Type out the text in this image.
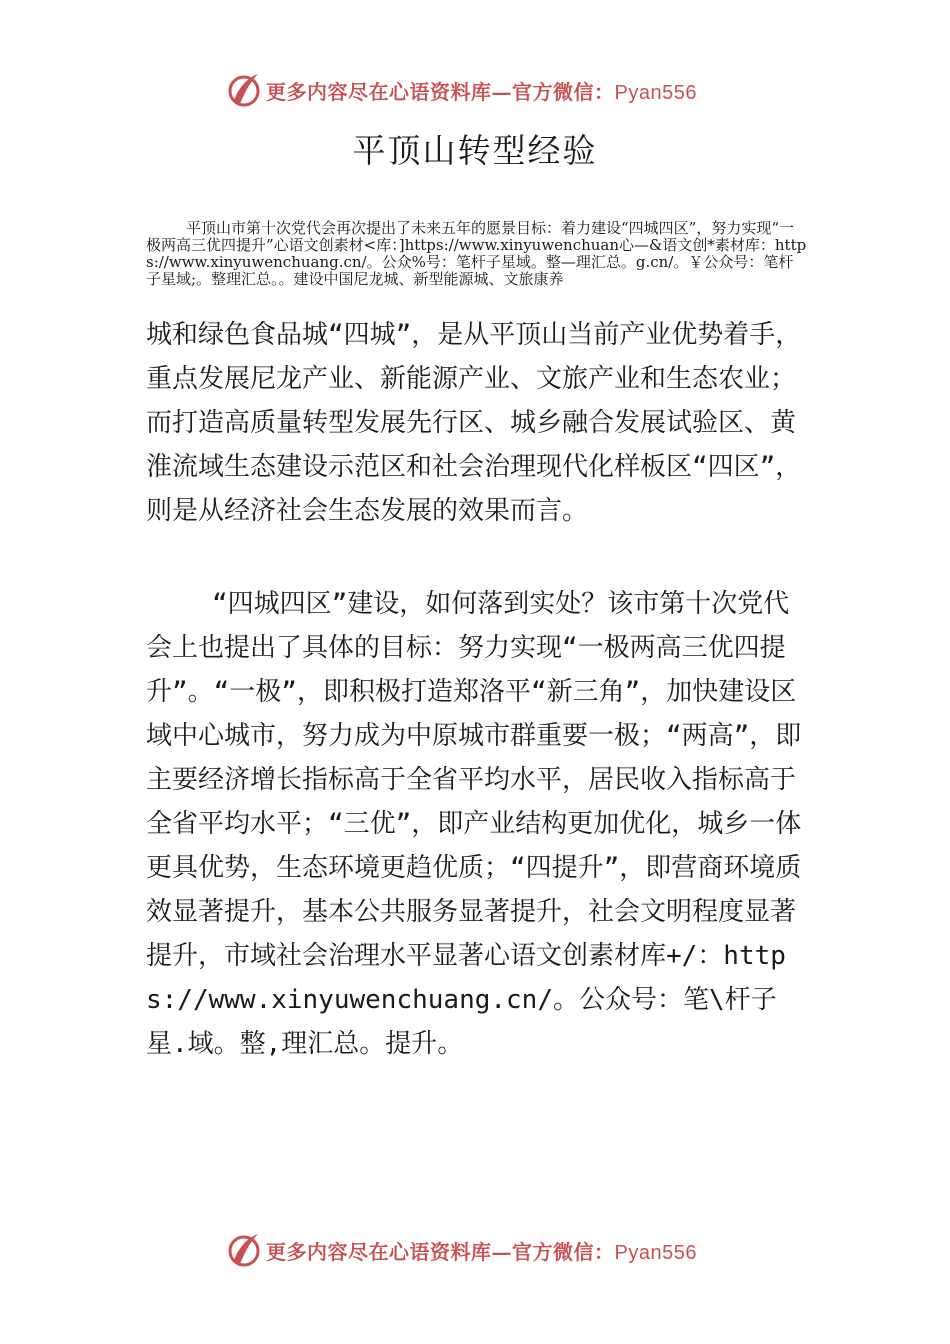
更多内容尽在心语资料库—官方微信：Pyan556
平顶山转型经验
平顶山市第十次党代会再次提出了未来五年的愿景目标：着力建设“四城四区”，努力实现“一极两高三优四提升”心语文创素材<库：]https://www.xinyuwenchuan心—&语文创*素材库：https://www.xinyuwenchuang.cn/。公众%号：笔杆子星域。整—理汇总。g.cn/。￥公众号：笔杆子星域;。整理汇总。。建设中国尼龙城、新型能源城、文旅康养
城和绿色食品城“四城”，是从平顶山当前产业优势着手，重点发展尼龙产业、新能源产业、文旅产业和生态农业；而打造高质量转型发展先行区、城乡融合发展试验区、黄淮流域生态建设示范区和社会治理现代化样板区“四区”，则是从经济社会生态发展的效果而言。
“四城四区”建设，如何落到实处？该市第十次党代会上也提出了具体的目标：努力实现“一极两高三优四提升”。“一极”，即积极打造郑洛平“新三角”，加快建设区域中心城市，努力成为中原城市群重要一极；“两高”，即主要经济增长指标高于全省平均水平，居民收入指标高于全省平均水平；“三优”，即产业结构更加优化，城乡一体更具优势，生态环境更趋优质；“四提升”，即营商环境质效显著提升，基本公共服务显著提升，社会文明程度显著提升，市域社会治理水平显著心语文创素材库+/：https://www.xinyuwenchuang.cn/。公众号：笔\杆子星.域。整,理汇总。提升。
更多内容尽在心语资料库—官方微信：Pyan556
